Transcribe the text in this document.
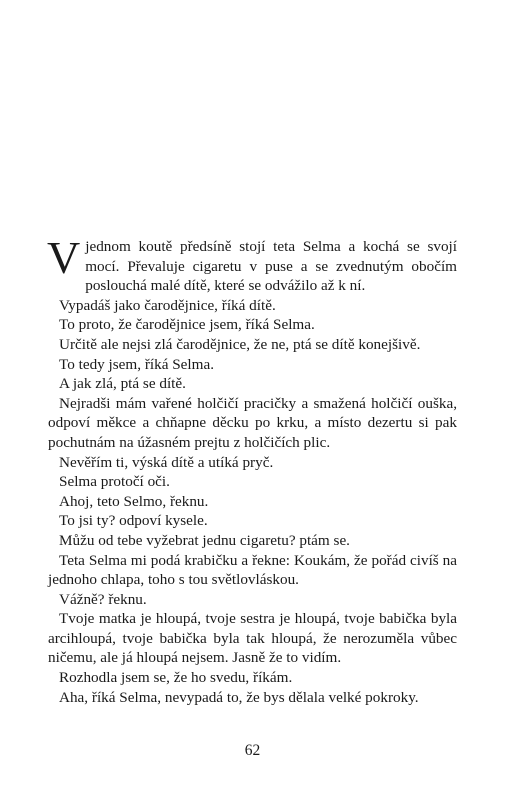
Vjednom koutě předsíně stojí teta Selma a kochá se svojí mocí. Převaluje cigaretu v puse a se zvednutým obočím poslouchá malé dítě, které se odvážilo až k ní.

Vypadáš jako čarodějnice, říká dítě.

To proto, že čarodějnice jsem, říká Selma.

Určitě ale nejsi zlá čarodějnice, že ne, ptá se dítě konejšivě.

To tedy jsem, říká Selma.

A jak zlá, ptá se dítě.

Nejradši mám vařené holčičí pracičky a smažená holčičí ouška, odpoví měkce a chňapne děcku po krku, a místo dezertu si pak pochutnám na úžasném prejtu z holčičích plic.

Nevěřím ti, výská dítě a utíká pryč.

Selma protočí oči.

Ahoj, teto Selmo, řeknu.

To jsi ty? odpoví kysele.

Můžu od tebe vyžebrat jednu cigaretu? ptám se.

Teta Selma mi podá krabičku a řekne: Koukám, že pořád civíš na jednoho chlapa, toho s tou světlovláskou.

Vážně? řeknu.

Tvoje matka je hloupá, tvoje sestra je hloupá, tvoje babička byla arcihloupá, tvoje babička byla tak hloupá, že nerozuměla vůbec ničemu, ale já hloupá nejsem. Jasně že to vidím.

Rozhodla jsem se, že ho svedu, říkám.

Aha, říká Selma, nevypadá to, že bys dělala velké pokroky.

62
